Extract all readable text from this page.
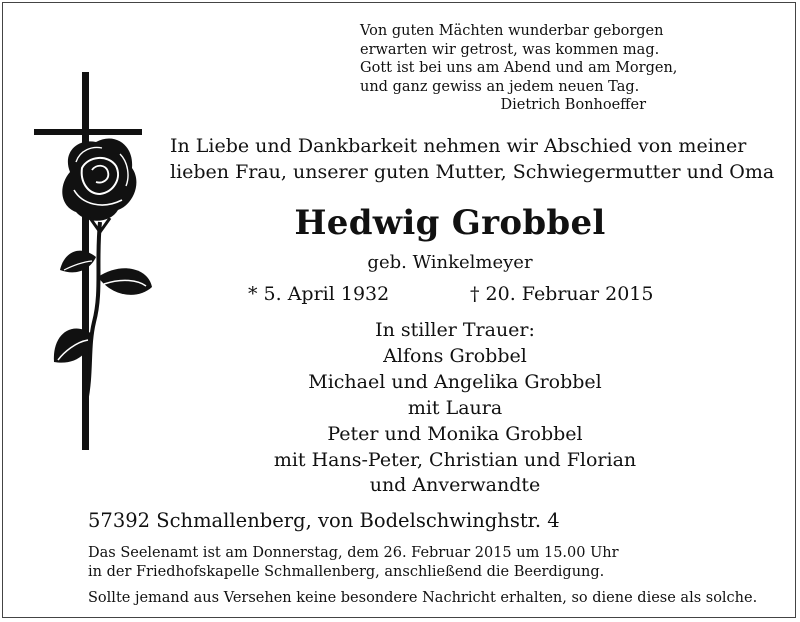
Von guten Mächten wunderbar geborgen
erwarten wir getrost, was kommen mag.
Gott ist bei uns am Abend und am Morgen,
und ganz gewiss an jedem neuen Tag.
Dietrich Bonhoeffer
In Liebe und Dankbarkeit nehmen wir Abschied von meiner
lieben Frau, unserer guten Mutter, Schwiegermutter und Oma
Hedwig Grobbel
geb. Winkelmeyer
* 5. April 1932	† 20. Februar 2015
In stiller Trauer:
Alfons Grobbel
Michael und Angelika Grobbel
mit Laura
Peter und Monika Grobbel
mit Hans-Peter, Christian und Florian
und Anverwandte
57392 Schmallenberg, von Bodelschwinghstr. 4
Das Seelenamt ist am Donnerstag, dem 26. Februar 2015 um 15.00 Uhr
in der Friedhofskapelle Schmallenberg, anschließend die Beerdigung.
Sollte jemand aus Versehen keine besondere Nachricht erhalten, so diene diese als solche.
